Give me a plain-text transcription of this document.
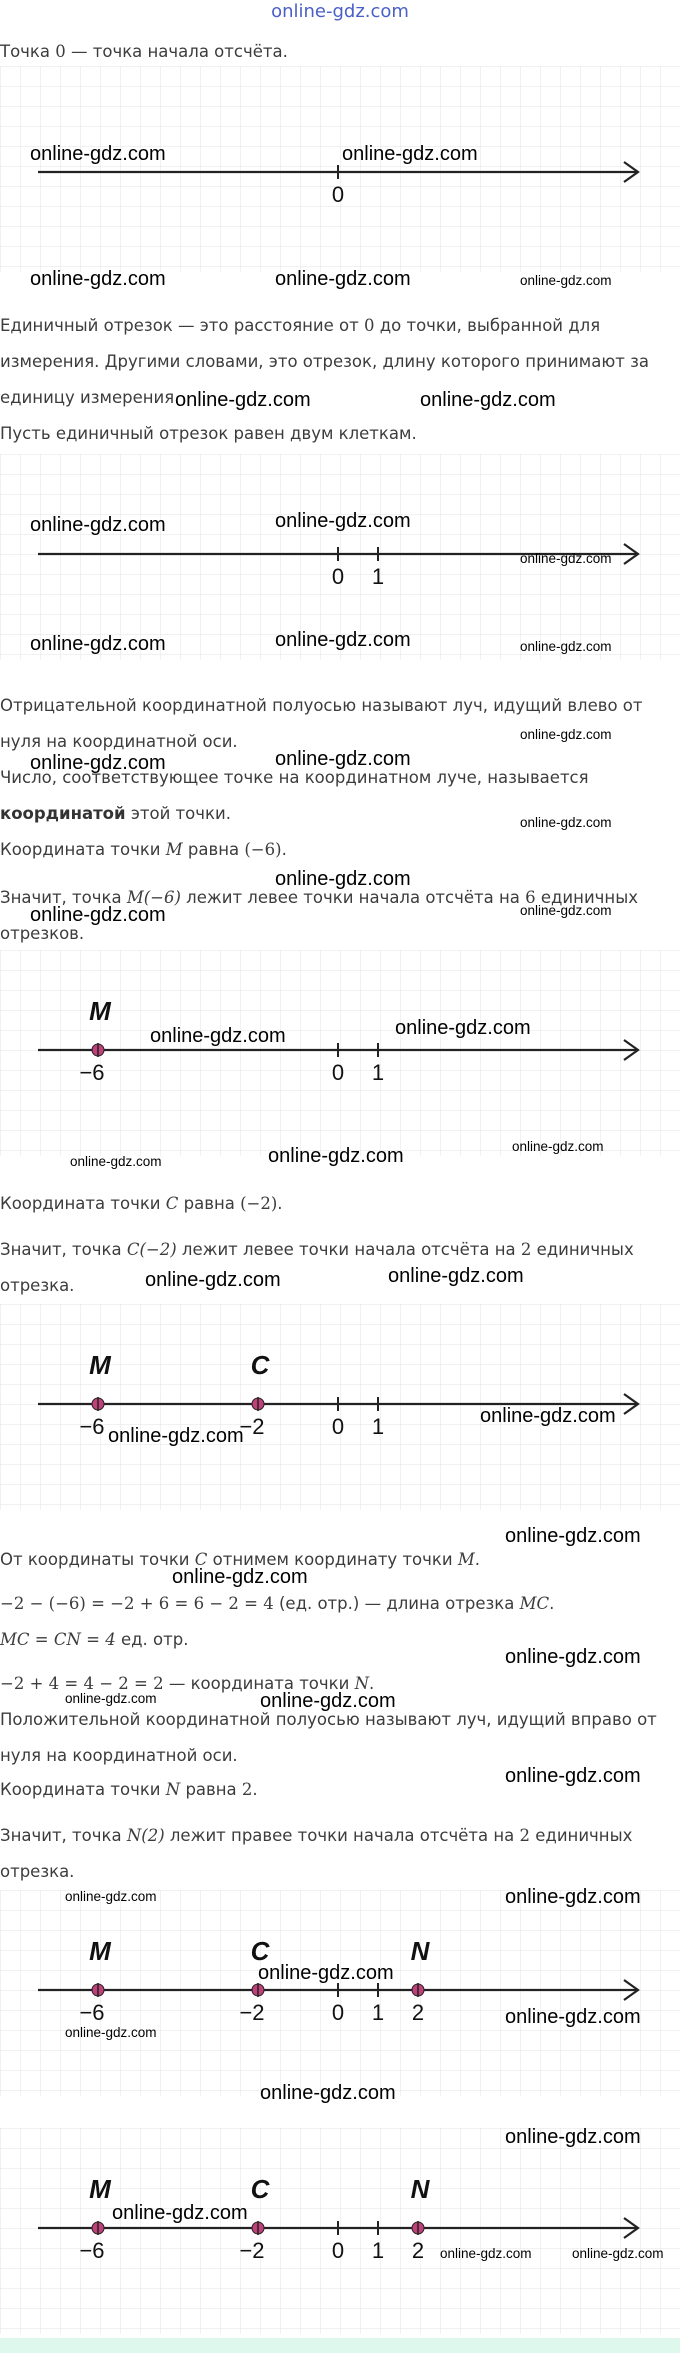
online-gdz.com

Точка 0 — точка начала отсчёта.

0

Единичный отрезок — это расстояние от 0 до точки, выбранной для измерения. Другими словами, это отрезок, длину которого принимают за единицу измерения.

Пусть единичный отрезок равен двум клеткам.

0 1

Отрицательной координатной полуосью называют луч, идущий влево от нуля на координатной оси.

Число, соответствующее точке на координатном луче, называется координатой этой точки.

Координата точки M равна (−6).

Значит, точка M(−6) лежит левее точки начала отсчёта на 6 единичных отрезков.

M
−6	0 1

Координата точки C равна (−2).

Значит, точка C(−2) лежит левее точки начала отсчёта на 2 единичных отрезка.

M	C
−6	−2	0 1

От координаты точки C отнимем координату точки M.

−2 − (−6) = −2 + 6 = 6 − 2 = 4 (ед. отр.) — длина отрезка MC.

MC = CN = 4 ед. отр.

−2 + 4 = 4 − 2 = 2 — координата точки N.

Положительной координатной полуосью называют луч, идущий вправо от нуля на координатной оси.

Координата точки N равна 2.

Значит, точка N(2) лежит правее точки начала отсчёта на 2 единичных отрезка.

M	C	N
−6	−2	0 1 2
M	C	N
−6	−2	0 1 2
online-gdz.com	online-gdz.com
online-gdz.com	online-gdz.com	online-gdz.com
online-gdz.com	online-gdz.com
online-gdz.com	online-gdz.com
online-gdz.com
online-gdz.com	online-gdz.com	online-gdz.com
online-gdz.com
online-gdz.com	online-gdz.com
online-gdz.com
online-gdz.com
online-gdz.com	online-gdz.com
online-gdz.com	online-gdz.com
online-gdz.com	online-gdz.com	online-gdz.com
online-gdz.com	online-gdz.com
online-gdz.com
online-gdz.com
online-gdz.com
online-gdz.com
online-gdz.com
online-gdz.com	online-gdz.com
online-gdz.com
online-gdz.com	online-gdz.com
online-gdz.com
online-gdz.com
online-gdz.com
online-gdz.com
online-gdz.com
online-gdz.com
online-gdz.com	online-gdz.com
